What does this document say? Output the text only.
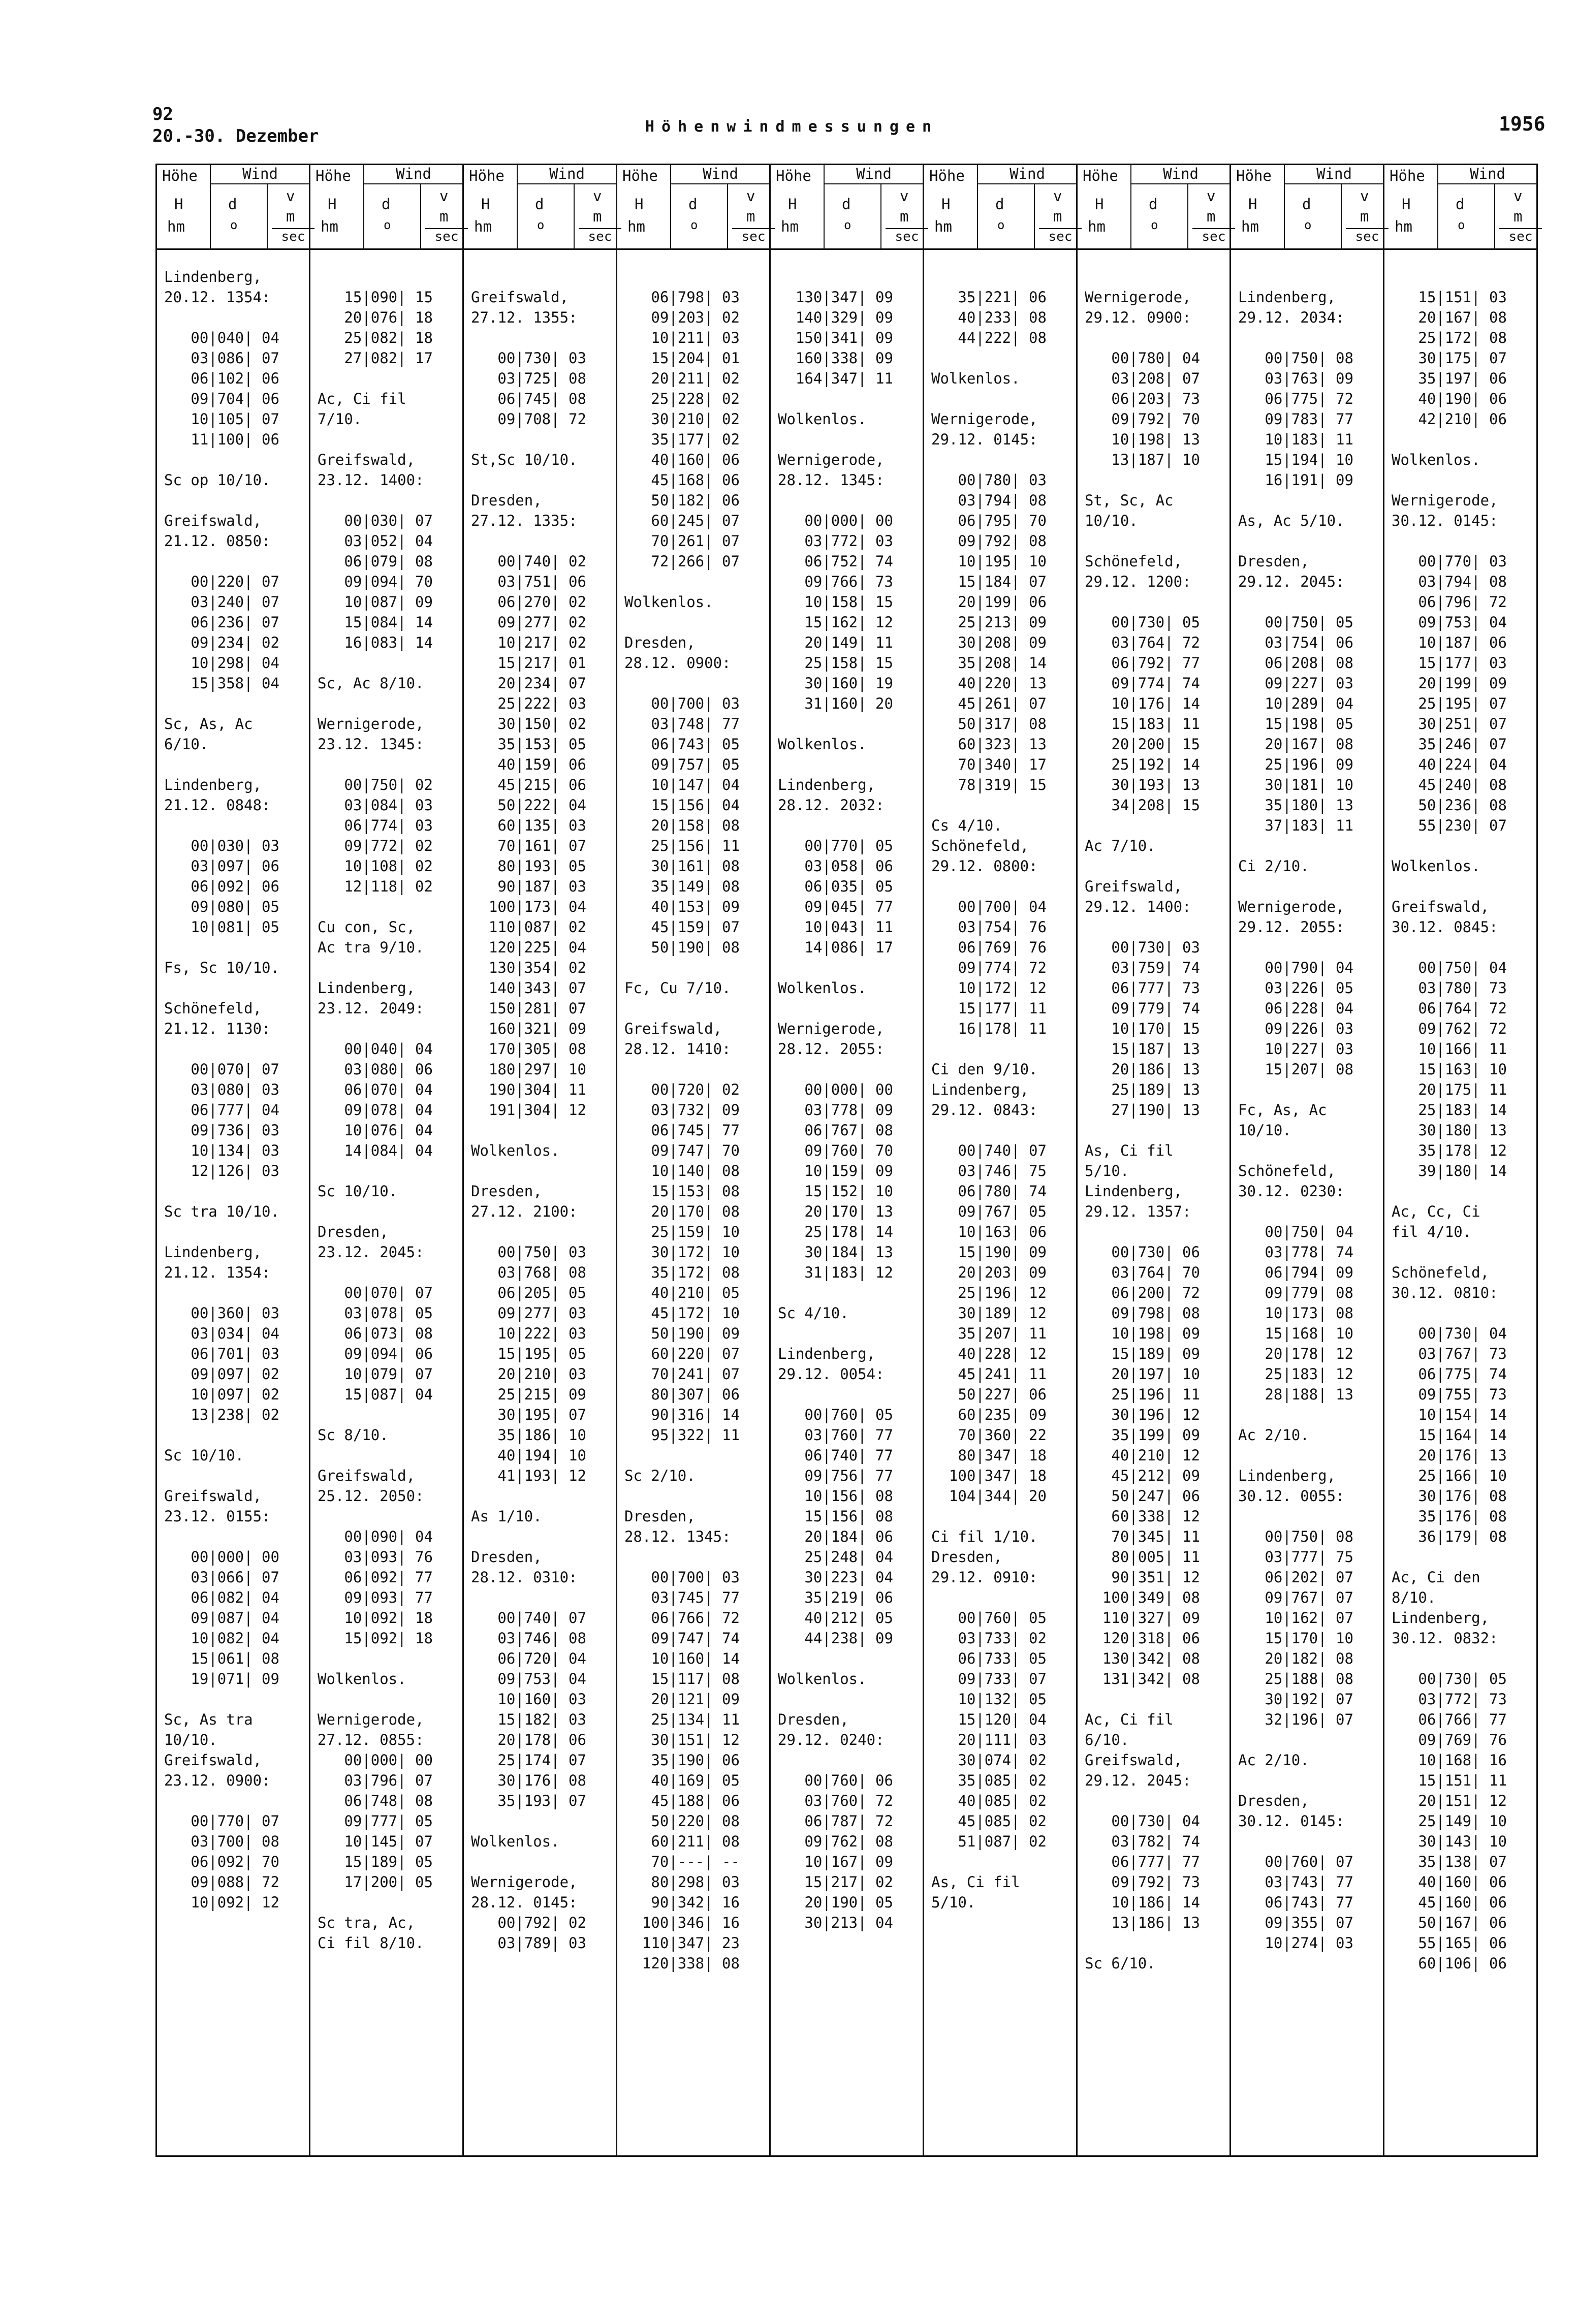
92
20.-30. Dezember	Höhenwindmessungen	1956
Höhe
H
hm
Wind
d
o
v
m
sec
Lindenberg,
20.12. 1354:
00|040| 04
03|086| 07
06|102| 06
09|704| 06
10|105| 07
11|100| 06
Sc op 10/10.
Greifswald,
21.12. 0850:
00|220| 07
03|240| 07
06|236| 07
09|234| 02
10|298| 04
15|358| 04
Sc, As, Ac
6/10.
Lindenberg,
21.12. 0848:
00|030| 03
03|097| 06
06|092| 06
09|080| 05
10|081| 05
Fs, Sc 10/10.
Schönefeld,
21.12. 1130:
00|070| 07
03|080| 03
06|777| 04
09|736| 03
10|134| 03
12|126| 03
Sc tra 10/10.
Lindenberg,
21.12. 1354:
00|360| 03
03|034| 04
06|701| 03
09|097| 02
10|097| 02
13|238| 02
Sc 10/10.
Greifswald,
23.12. 0155:
00|000| 00
03|066| 07
06|082| 04
09|087| 04
10|082| 04
15|061| 08
19|071| 09
Sc, As tra
10/10.
Greifswald,
23.12. 0900:
00|770| 07
03|700| 08
06|092| 70
09|088| 72
10|092| 12
Höhe
H
hm
Wind
d
o
v
m
sec
15|090| 15
20|076| 18
25|082| 18
27|082| 17
Ac, Ci fil
7/10.
Greifswald,
23.12. 1400:
00|030| 07
03|052| 04
06|079| 08
09|094| 70
10|087| 09
15|084| 14
16|083| 14
Sc, Ac 8/10.
Wernigerode,
23.12. 1345:
00|750| 02
03|084| 03
06|774| 03
09|772| 02
10|108| 02
12|118| 02
Cu con, Sc,
Ac tra 9/10.
Lindenberg,
23.12. 2049:
00|040| 04
03|080| 06
06|070| 04
09|078| 04
10|076| 04
14|084| 04
Sc 10/10.
Dresden,
23.12. 2045:
00|070| 07
03|078| 05
06|073| 08
09|094| 06
10|079| 07
15|087| 04
Sc 8/10.
Greifswald,
25.12. 2050:
00|090| 04
03|093| 76
06|092| 77
09|093| 77
10|092| 18
15|092| 18
Wolkenlos.
Wernigerode,
27.12. 0855:
00|000| 00
03|796| 07
06|748| 08
09|777| 05
10|145| 07
15|189| 05
17|200| 05
Sc tra, Ac,
Ci fil 8/10.
Höhe
H
hm
Wind
d
o
v
m
sec
Greifswald,
27.12. 1355:
00|730| 03
03|725| 08
06|745| 08
09|708| 72
St,Sc 10/10.
Dresden,
27.12. 1335:
00|740| 02
03|751| 06
06|270| 02
09|277| 02
10|217| 02
15|217| 01
20|234| 07
25|222| 03
30|150| 02
35|153| 05
40|159| 06
45|215| 06
50|222| 04
60|135| 03
70|161| 07
80|193| 05
90|187| 03
100|173| 04
110|087| 02
120|225| 04
130|354| 02
140|343| 07
150|281| 07
160|321| 09
170|305| 08
180|297| 10
190|304| 11
191|304| 12
Wolkenlos.
Dresden,
27.12. 2100:
00|750| 03
03|768| 08
06|205| 05
09|277| 03
10|222| 03
15|195| 05
20|210| 03
25|215| 09
30|195| 07
35|186| 10
40|194| 10
41|193| 12
As 1/10.
Dresden,
28.12. 0310:
00|740| 07
03|746| 08
06|720| 04
09|753| 04
10|160| 03
15|182| 03
20|178| 06
25|174| 07
30|176| 08
35|193| 07
Wolkenlos.
Wernigerode,
28.12. 0145:
00|792| 02
03|789| 03
Höhe
H
hm
Wind
d
o
v
m
sec
06|798| 03
09|203| 02
10|211| 03
15|204| 01
20|211| 02
25|228| 02
30|210| 02
35|177| 02
40|160| 06
45|168| 06
50|182| 06
60|245| 07
70|261| 07
72|266| 07
Wolkenlos.
Dresden,
28.12. 0900:
00|700| 03
03|748| 77
06|743| 05
09|757| 05
10|147| 04
15|156| 04
20|158| 08
25|156| 11
30|161| 08
35|149| 08
40|153| 09
45|159| 07
50|190| 08
Fc, Cu 7/10.
Greifswald,
28.12. 1410:
00|720| 02
03|732| 09
06|745| 77
09|747| 70
10|140| 08
15|153| 08
20|170| 08
25|159| 10
30|172| 10
35|172| 08
40|210| 05
45|172| 10
50|190| 09
60|220| 07
70|241| 07
80|307| 06
90|316| 14
95|322| 11
Sc 2/10.
Dresden,
28.12. 1345:
00|700| 03
03|745| 77
06|766| 72
09|747| 74
10|160| 14
15|117| 08
20|121| 09
25|134| 11
30|151| 12
35|190| 06
40|169| 05
45|188| 06
50|220| 08
60|211| 08
70|---| --
80|298| 03
90|342| 16
100|346| 16
110|347| 23
120|338| 08
Höhe
H
hm
Wind
d
o
v
m
sec
130|347| 09
140|329| 09
150|341| 09
160|338| 09
164|347| 11
Wolkenlos.
Wernigerode,
28.12. 1345:
00|000| 00
03|772| 03
06|752| 74
09|766| 73
10|158| 15
15|162| 12
20|149| 11
25|158| 15
30|160| 19
31|160| 20
Wolkenlos.
Lindenberg,
28.12. 2032:
00|770| 05
03|058| 06
06|035| 05
09|045| 77
10|043| 11
14|086| 17
Wolkenlos.
Wernigerode,
28.12. 2055:
00|000| 00
03|778| 09
06|767| 08
09|760| 70
10|159| 09
15|152| 10
20|170| 13
25|178| 14
30|184| 13
31|183| 12
Sc 4/10.
Lindenberg,
29.12. 0054:
00|760| 05
03|760| 77
06|740| 77
09|756| 77
10|156| 08
15|156| 08
20|184| 06
25|248| 04
30|223| 04
35|219| 06
40|212| 05
44|238| 09
Wolkenlos.
Dresden,
29.12. 0240:
00|760| 06
03|760| 72
06|787| 72
09|762| 08
10|167| 09
15|217| 02
20|190| 05
30|213| 04
Höhe
H
hm
Wind
d
o
v
m
sec
35|221| 06
40|233| 08
44|222| 08
Wolkenlos.
Wernigerode,
29.12. 0145:
00|780| 03
03|794| 08
06|795| 70
09|792| 08
10|195| 10
15|184| 07
20|199| 06
25|213| 09
30|208| 09
35|208| 14
40|220| 13
45|261| 07
50|317| 08
60|323| 13
70|340| 17
78|319| 15
Cs 4/10.
Schönefeld,
29.12. 0800:
00|700| 04
03|754| 76
06|769| 76
09|774| 72
10|172| 12
15|177| 11
16|178| 11
Ci den 9/10.
Lindenberg,
29.12. 0843:
00|740| 07
03|746| 75
06|780| 74
09|767| 05
10|163| 06
15|190| 09
20|203| 09
25|196| 12
30|189| 12
35|207| 11
40|228| 12
45|241| 11
50|227| 06
60|235| 09
70|360| 22
80|347| 18
100|347| 18
104|344| 20
Ci fil 1/10.
Dresden,
29.12. 0910:
00|760| 05
03|733| 02
06|733| 05
09|733| 07
10|132| 05
15|120| 04
20|111| 03
30|074| 02
35|085| 02
40|085| 02
45|085| 02
51|087| 02
As, Ci fil
5/10.
Höhe
H
hm
Wind
d
o
v
m
sec
Wernigerode,
29.12. 0900:
00|780| 04
03|208| 07
06|203| 73
09|792| 70
10|198| 13
13|187| 10
St, Sc, Ac
10/10.
Schönefeld,
29.12. 1200:
00|730| 05
03|764| 72
06|792| 77
09|774| 74
10|176| 14
15|183| 11
20|200| 15
25|192| 14
30|193| 13
34|208| 15
Ac 7/10.
Greifswald,
29.12. 1400:
00|730| 03
03|759| 74
06|777| 73
09|779| 74
10|170| 15
15|187| 13
20|186| 13
25|189| 13
27|190| 13
As, Ci fil
5/10.
Lindenberg,
29.12. 1357:
00|730| 06
03|764| 70
06|200| 72
09|798| 08
10|198| 09
15|189| 09
20|197| 10
25|196| 11
30|196| 12
35|199| 09
40|210| 12
45|212| 09
50|247| 06
60|338| 12
70|345| 11
80|005| 11
90|351| 12
100|349| 08
110|327| 09
120|318| 06
130|342| 08
131|342| 08
Ac, Ci fil
6/10.
Greifswald,
29.12. 2045:
00|730| 04
03|782| 74
06|777| 77
09|792| 73
10|186| 14
13|186| 13
Sc 6/10.
Höhe
H
hm
Wind
d
o
v
m
sec
Lindenberg,
29.12. 2034:
00|750| 08
03|763| 09
06|775| 72
09|783| 77
10|183| 11
15|194| 10
16|191| 09
As, Ac 5/10.
Dresden,
29.12. 2045:
00|750| 05
03|754| 06
06|208| 08
09|227| 03
10|289| 04
15|198| 05
20|167| 08
25|196| 09
30|181| 10
35|180| 13
37|183| 11
Ci 2/10.
Wernigerode,
29.12. 2055:
00|790| 04
03|226| 05
06|228| 04
09|226| 03
10|227| 03
15|207| 08
Fc, As, Ac
10/10.
Schönefeld,
30.12. 0230:
00|750| 04
03|778| 74
06|794| 09
09|779| 08
10|173| 08
15|168| 10
20|178| 12
25|183| 12
28|188| 13
Ac 2/10.
Lindenberg,
30.12. 0055:
00|750| 08
03|777| 75
06|202| 07
09|767| 07
10|162| 07
15|170| 10
20|182| 08
25|188| 08
30|192| 07
32|196| 07
Ac 2/10.
Dresden,
30.12. 0145:
00|760| 07
03|743| 77
06|743| 77
09|355| 07
10|274| 03
Höhe
H
hm
Wind
d
o
v
m
sec
15|151| 03
20|167| 08
25|172| 08
30|175| 07
35|197| 06
40|190| 06
42|210| 06
Wolkenlos.
Wernigerode,
30.12. 0145:
00|770| 03
03|794| 08
06|796| 72
09|753| 04
10|187| 06
15|177| 03
20|199| 09
25|195| 07
30|251| 07
35|246| 07
40|224| 04
45|240| 08
50|236| 08
55|230| 07
Wolkenlos.
Greifswald,
30.12. 0845:
00|750| 04
03|780| 73
06|764| 72
09|762| 72
10|166| 11
15|163| 10
20|175| 11
25|183| 14
30|180| 13
35|178| 12
39|180| 14
Ac, Cc, Ci
fil 4/10.
Schönefeld,
30.12. 0810:
00|730| 04
03|767| 73
06|775| 74
09|755| 73
10|154| 14
15|164| 14
20|176| 13
25|166| 10
30|176| 08
35|176| 08
36|179| 08
Ac, Ci den
8/10.
Lindenberg,
30.12. 0832:
00|730| 05
03|772| 73
06|766| 77
09|769| 76
10|168| 16
15|151| 11
20|151| 12
25|149| 10
30|143| 10
35|138| 07
40|160| 06
45|160| 06
50|167| 06
55|165| 06
60|106| 06
